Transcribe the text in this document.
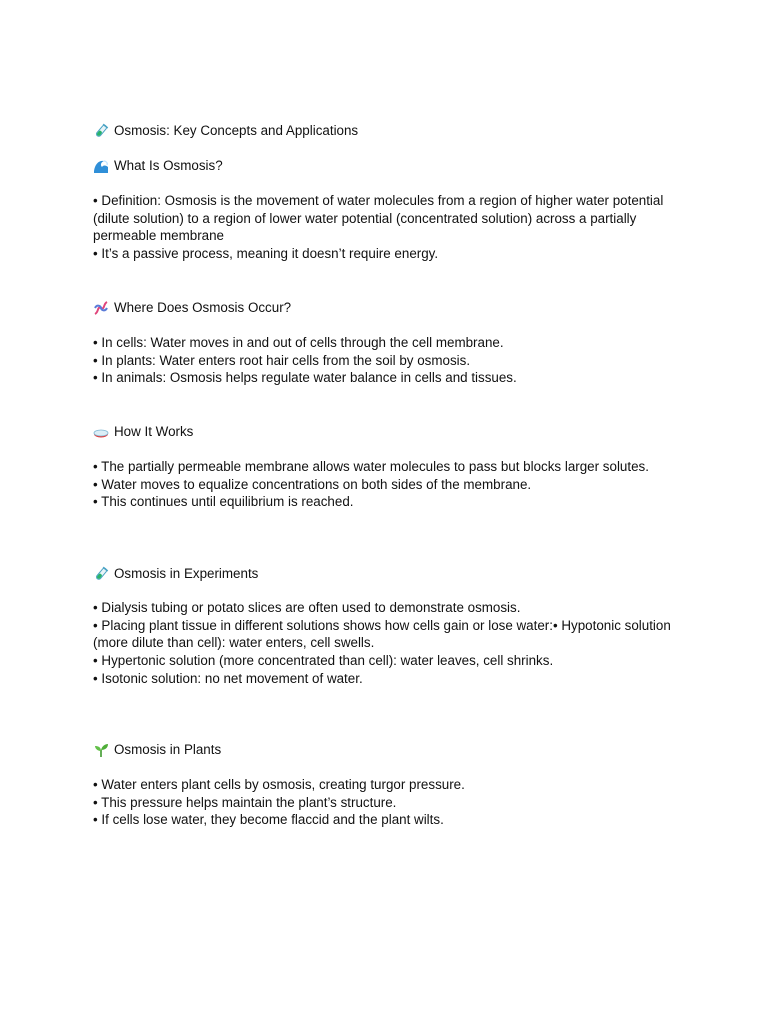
Osmosis: Key Concepts and Applications
What Is Osmosis?
• Definition: Osmosis is the movement of water molecules from a region of higher water potential (dilute solution) to a region of lower water potential (concentrated solution) across a partially permeable membrane
• It’s a passive process, meaning it doesn’t require energy.
Where Does Osmosis Occur?
• In cells: Water moves in and out of cells through the cell membrane.
• In plants: Water enters root hair cells from the soil by osmosis.
• In animals: Osmosis helps regulate water balance in cells and tissues.
How It Works
• The partially permeable membrane allows water molecules to pass but blocks larger solutes.
• Water moves to equalize concentrations on both sides of the membrane.
• This continues until equilibrium is reached.
Osmosis in Experiments
• Dialysis tubing or potato slices are often used to demonstrate osmosis.
• Placing plant tissue in different solutions shows how cells gain or lose water:• Hypotonic solution (more dilute than cell): water enters, cell swells.
• Hypertonic solution (more concentrated than cell): water leaves, cell shrinks.
• Isotonic solution: no net movement of water.
Osmosis in Plants
• Water enters plant cells by osmosis, creating turgor pressure.
• This pressure helps maintain the plant’s structure.
• If cells lose water, they become flaccid and the plant wilts.
